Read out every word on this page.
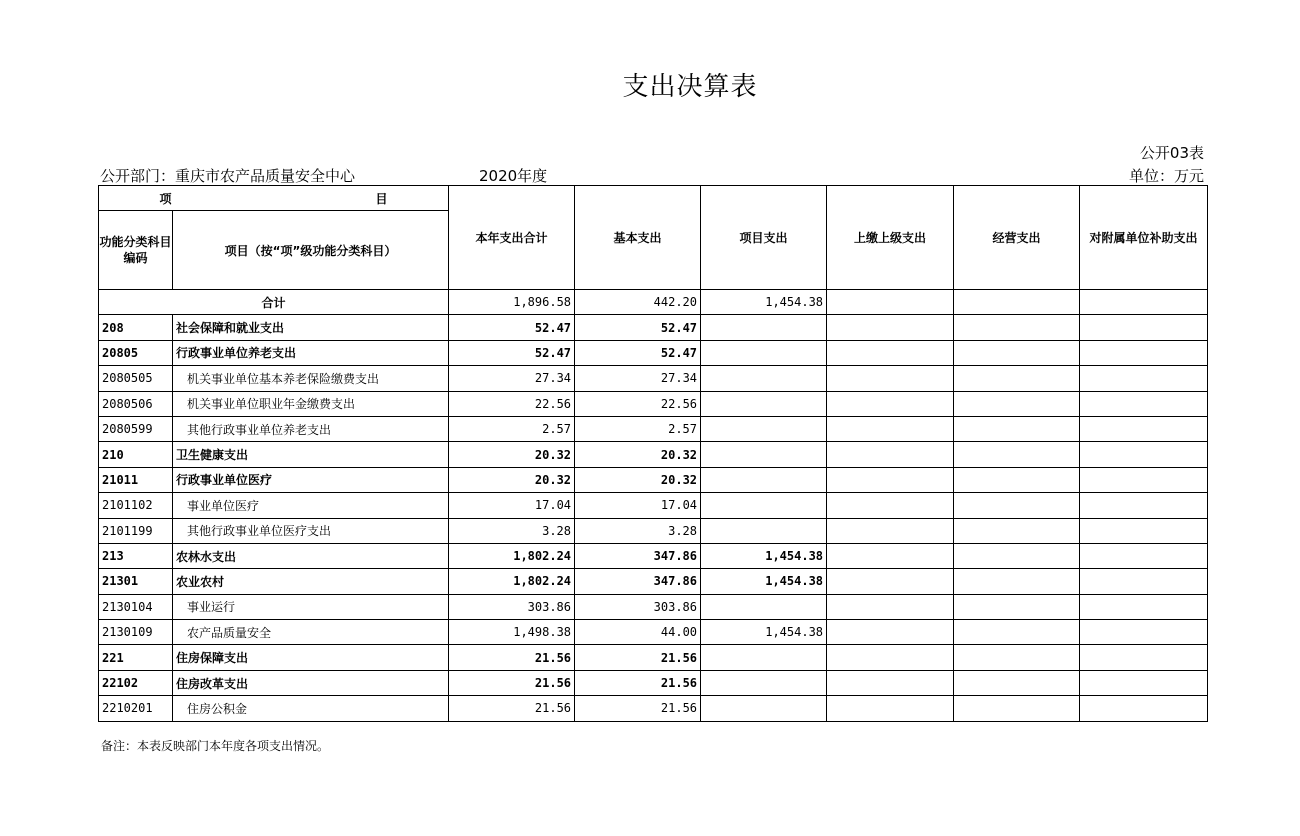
支出决算表
公开03表
公开部门：重庆市农产品质量安全中心	2020年度	单位：万元
项　　目		本年支出合计	基本支出	项目支出	上缴上级支出	经营支出	对附属单位补助支出
功能分类科目编码	项目（按“项”级功能分类科目）						
合计		1,896.58	442.20	1,454.38			
208	社会保障和就业支出	52.47	52.47				
20805	行政事业单位养老支出	52.47	52.47				
2080505	机关事业单位基本养老保险缴费支出	27.34	27.34				
2080506	机关事业单位职业年金缴费支出	22.56	22.56				
2080599	其他行政事业单位养老支出	2.57	2.57				
210	卫生健康支出	20.32	20.32				
21011	行政事业单位医疗	20.32	20.32				
2101102	事业单位医疗	17.04	17.04				
2101199	其他行政事业单位医疗支出	3.28	3.28				
213	农林水支出	1,802.24	347.86	1,454.38			
21301	农业农村	1,802.24	347.86	1,454.38			
2130104	事业运行	303.86	303.86				
2130109	农产品质量安全	1,498.38	44.00	1,454.38			
221	住房保障支出	21.56	21.56				
22102	住房改革支出	21.56	21.56				
2210201	住房公积金	21.56	21.56				
备注：本表反映部门本年度各项支出情况。
